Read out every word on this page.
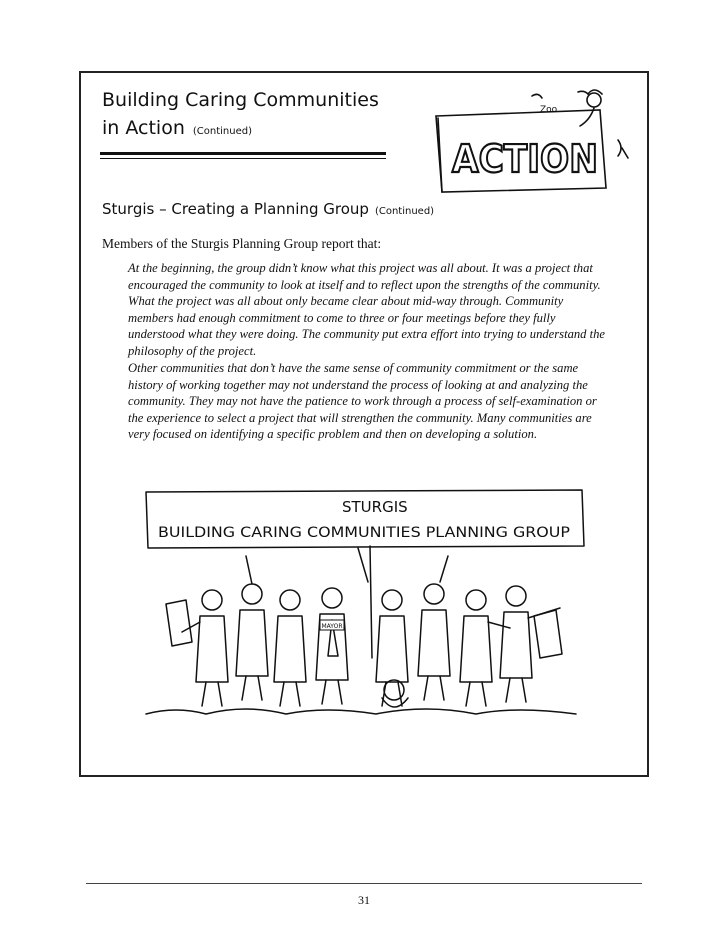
Building Caring Communities
in Action (Continued)
Zoo
ACTION
Sturgis – Creating a Planning Group (Continued)
Members of the Sturgis Planning Group report that:

At the beginning, the group didn’t know what this project was all about. It was a project that encouraged the community to look at itself and to reflect upon the strengths of the community. What the project was all about only became clear about mid-way through. Community members had enough commitment to come to three or four meetings before they fully understood what they were doing. The community put extra effort into trying to understand the philosophy of the project.

Other communities that don’t have the same sense of community commitment or the same history of working together may not understand the process of looking at and analyzing the community. They may not have the patience to work through a process of self-examination or the experience to select a project that will strengthen the community. Many communities are very focused on identifying a specific problem and then on developing a solution.

MAYOR
STURGIS
BUILDING CARING COMMUNITIES PLANNING GROUP
31
